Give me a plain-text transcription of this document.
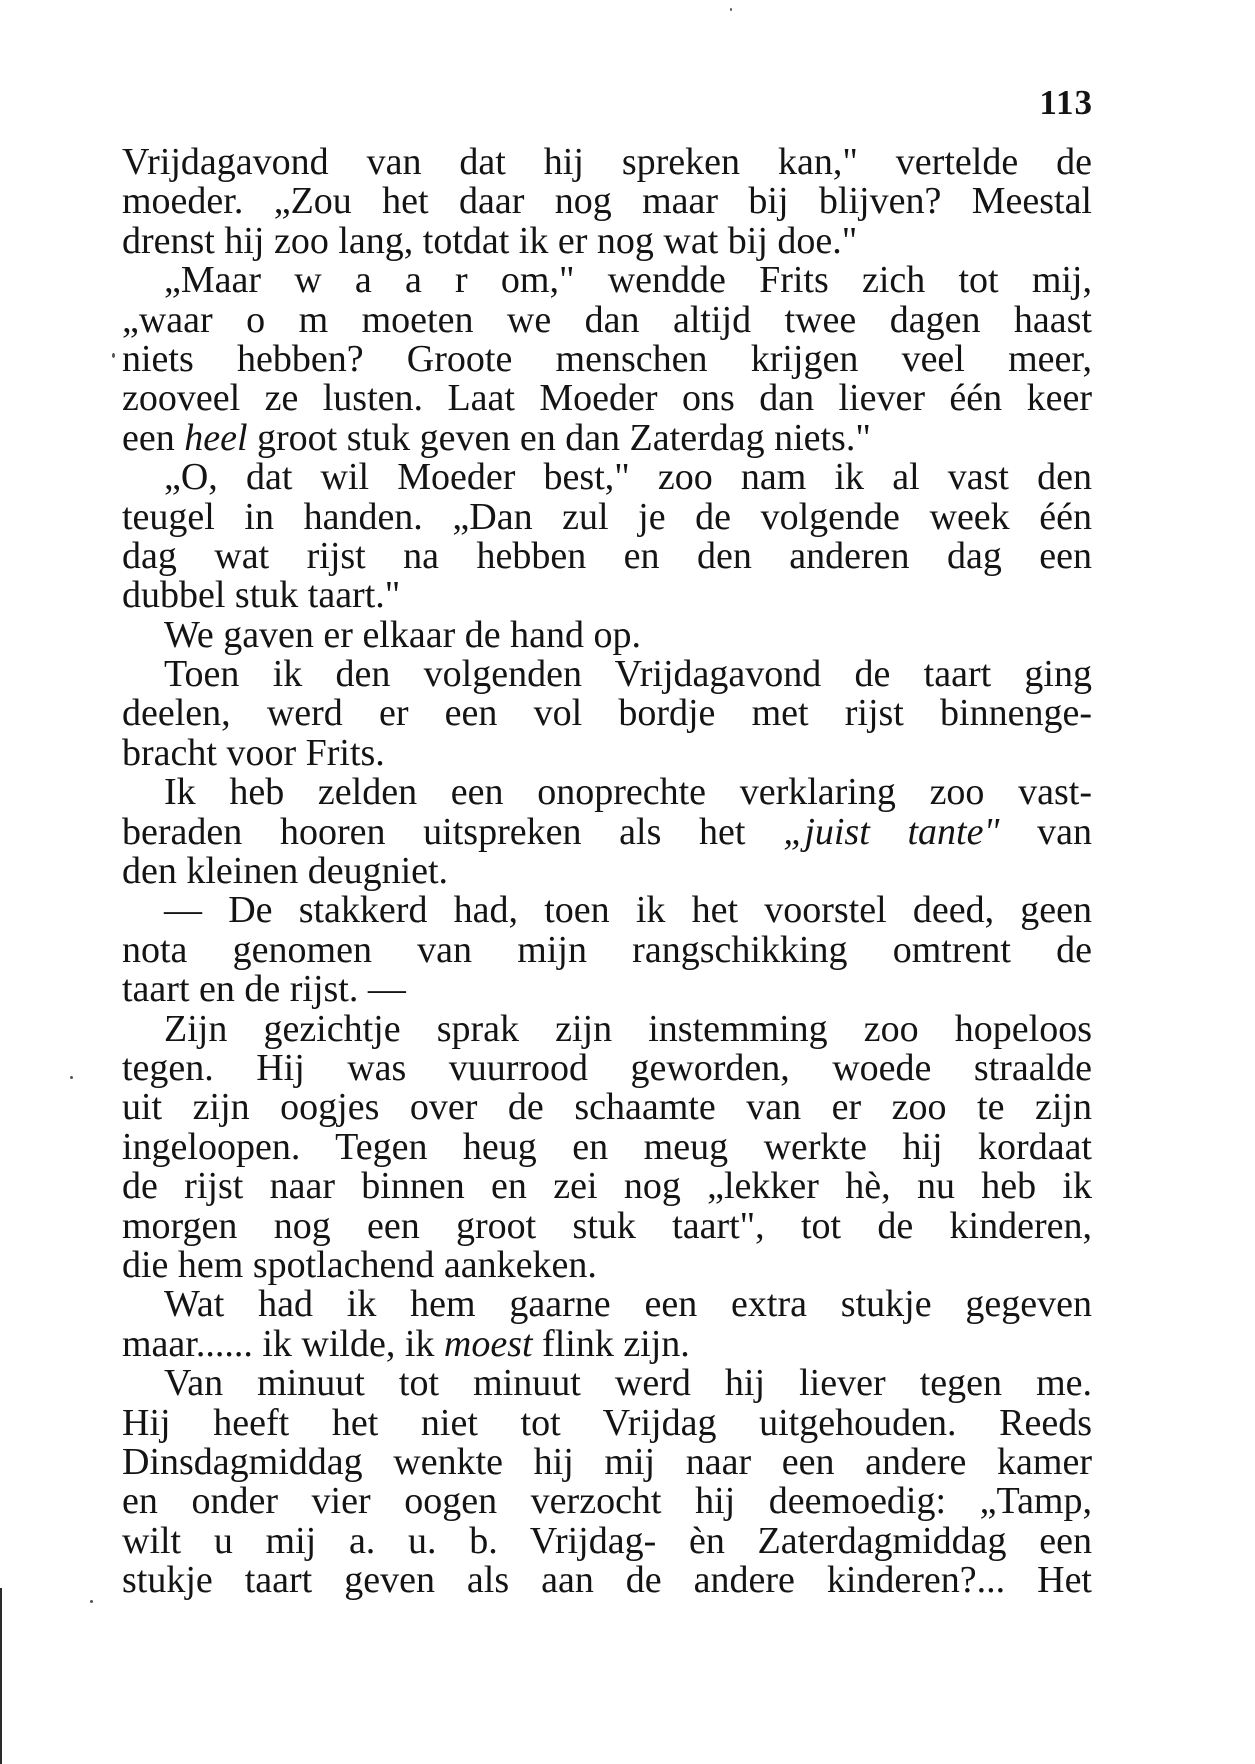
113
Vrijdagavond van dat hij spreken kan," vertelde de
moeder. „Zou het daar nog maar bij blijven? Meestal
drenst hij zoo lang, totdat ik er nog wat bij doe."
„Maar w a a r om," wendde Frits zich tot mij,
„waar o m moeten we dan altijd twee dagen haast
niets hebben? Groote menschen krijgen veel meer,
zooveel ze lusten. Laat Moeder ons dan liever één keer
een heel groot stuk geven en dan Zaterdag niets."
„O, dat wil Moeder best," zoo nam ik al vast den
teugel in handen. „Dan zul je de volgende week één
dag wat rijst na hebben en den anderen dag een
dubbel stuk taart."
We gaven er elkaar de hand op.
Toen ik den volgenden Vrijdagavond de taart ging
deelen, werd er een vol bordje met rijst binnenge-
bracht voor Frits.
Ik heb zelden een onoprechte verklaring zoo vast-
beraden hooren uitspreken als het „juist tante" van
den kleinen deugniet.
— De stakkerd had, toen ik het voorstel deed, geen
nota genomen van mijn rangschikking omtrent de
taart en de rijst. —
Zijn gezichtje sprak zijn instemming zoo hopeloos
tegen. Hij was vuurrood geworden, woede straalde
uit zijn oogjes over de schaamte van er zoo te zijn
ingeloopen. Tegen heug en meug werkte hij kordaat
de rijst naar binnen en zei nog „lekker hè, nu heb ik
morgen nog een groot stuk taart", tot de kinderen,
die hem spotlachend aankeken.
Wat had ik hem gaarne een extra stukje gegeven
maar...... ik wilde, ik moest flink zijn.
Van minuut tot minuut werd hij liever tegen me.
Hij heeft het niet tot Vrijdag uitgehouden. Reeds
Dinsdagmiddag wenkte hij mij naar een andere kamer
en onder vier oogen verzocht hij deemoedig: „Tamp,
wilt u mij a. u. b. Vrijdag- èn Zaterdagmiddag een
stukje taart geven als aan de andere kinderen?... Het
